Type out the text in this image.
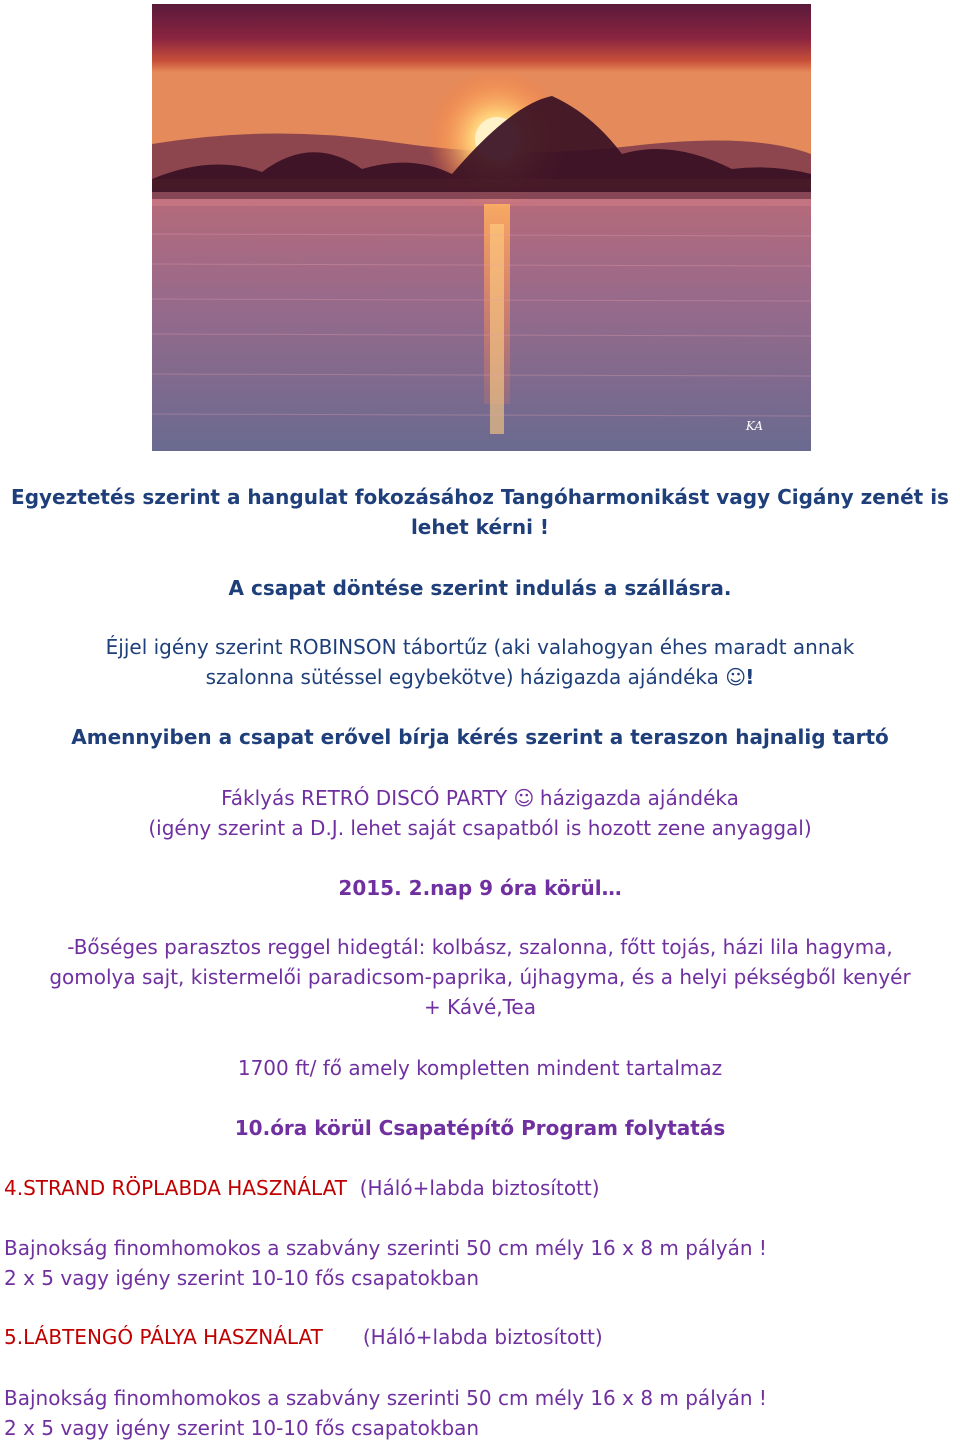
KA

Egyeztetés szerint a hangulat fokozásához Tangóharmonikást vagy Cigány zenét is lehet kérni !

A csapat döntése szerint indulás a szállásra.

Éjjel igény szerint ROBINSON tábortűz (aki valahogyan éhes maradt annak
szalonna sütéssel egybekötve) házigazda ajándéka ☺!

Amennyiben a csapat erővel bírja kérés szerint a teraszon hajnalig tartó

Fáklyás RETRÓ DISCÓ PARTY ☺ házigazda ajándéka
(igény szerint a D.J. lehet saját csapatból is hozott zene anyaggal)

2015. 2.nap 9 óra körül…

-Bőséges parasztos reggel hidegtál: kolbász, szalonna, főtt tojás, házi lila hagyma,
gomolya sajt, kistermelői paradicsom-paprika, újhagyma, és a helyi pékségből kenyér
+ Kávé,Tea

1700 ft/ fő amely kompletten mindent tartalmaz

10.óra körül Csapatépítő Program folytatás

4.STRAND RÖPLABDA HASZNÁLAT (Háló+labda biztosított)
Bajnokság finomhomokos a szabvány szerinti 50 cm mély 16 x 8 m pályán !
2 x 5 vagy igény szerint 10-10 fős csapatokban
5.LÁBTENGÓ PÁLYA HASZNÁLAT (Háló+labda biztosított)
Bajnokság finomhomokos a szabvány szerinti 50 cm mély 16 x 8 m pályán !
2 x 5 vagy igény szerint 10-10 fős csapatokban
